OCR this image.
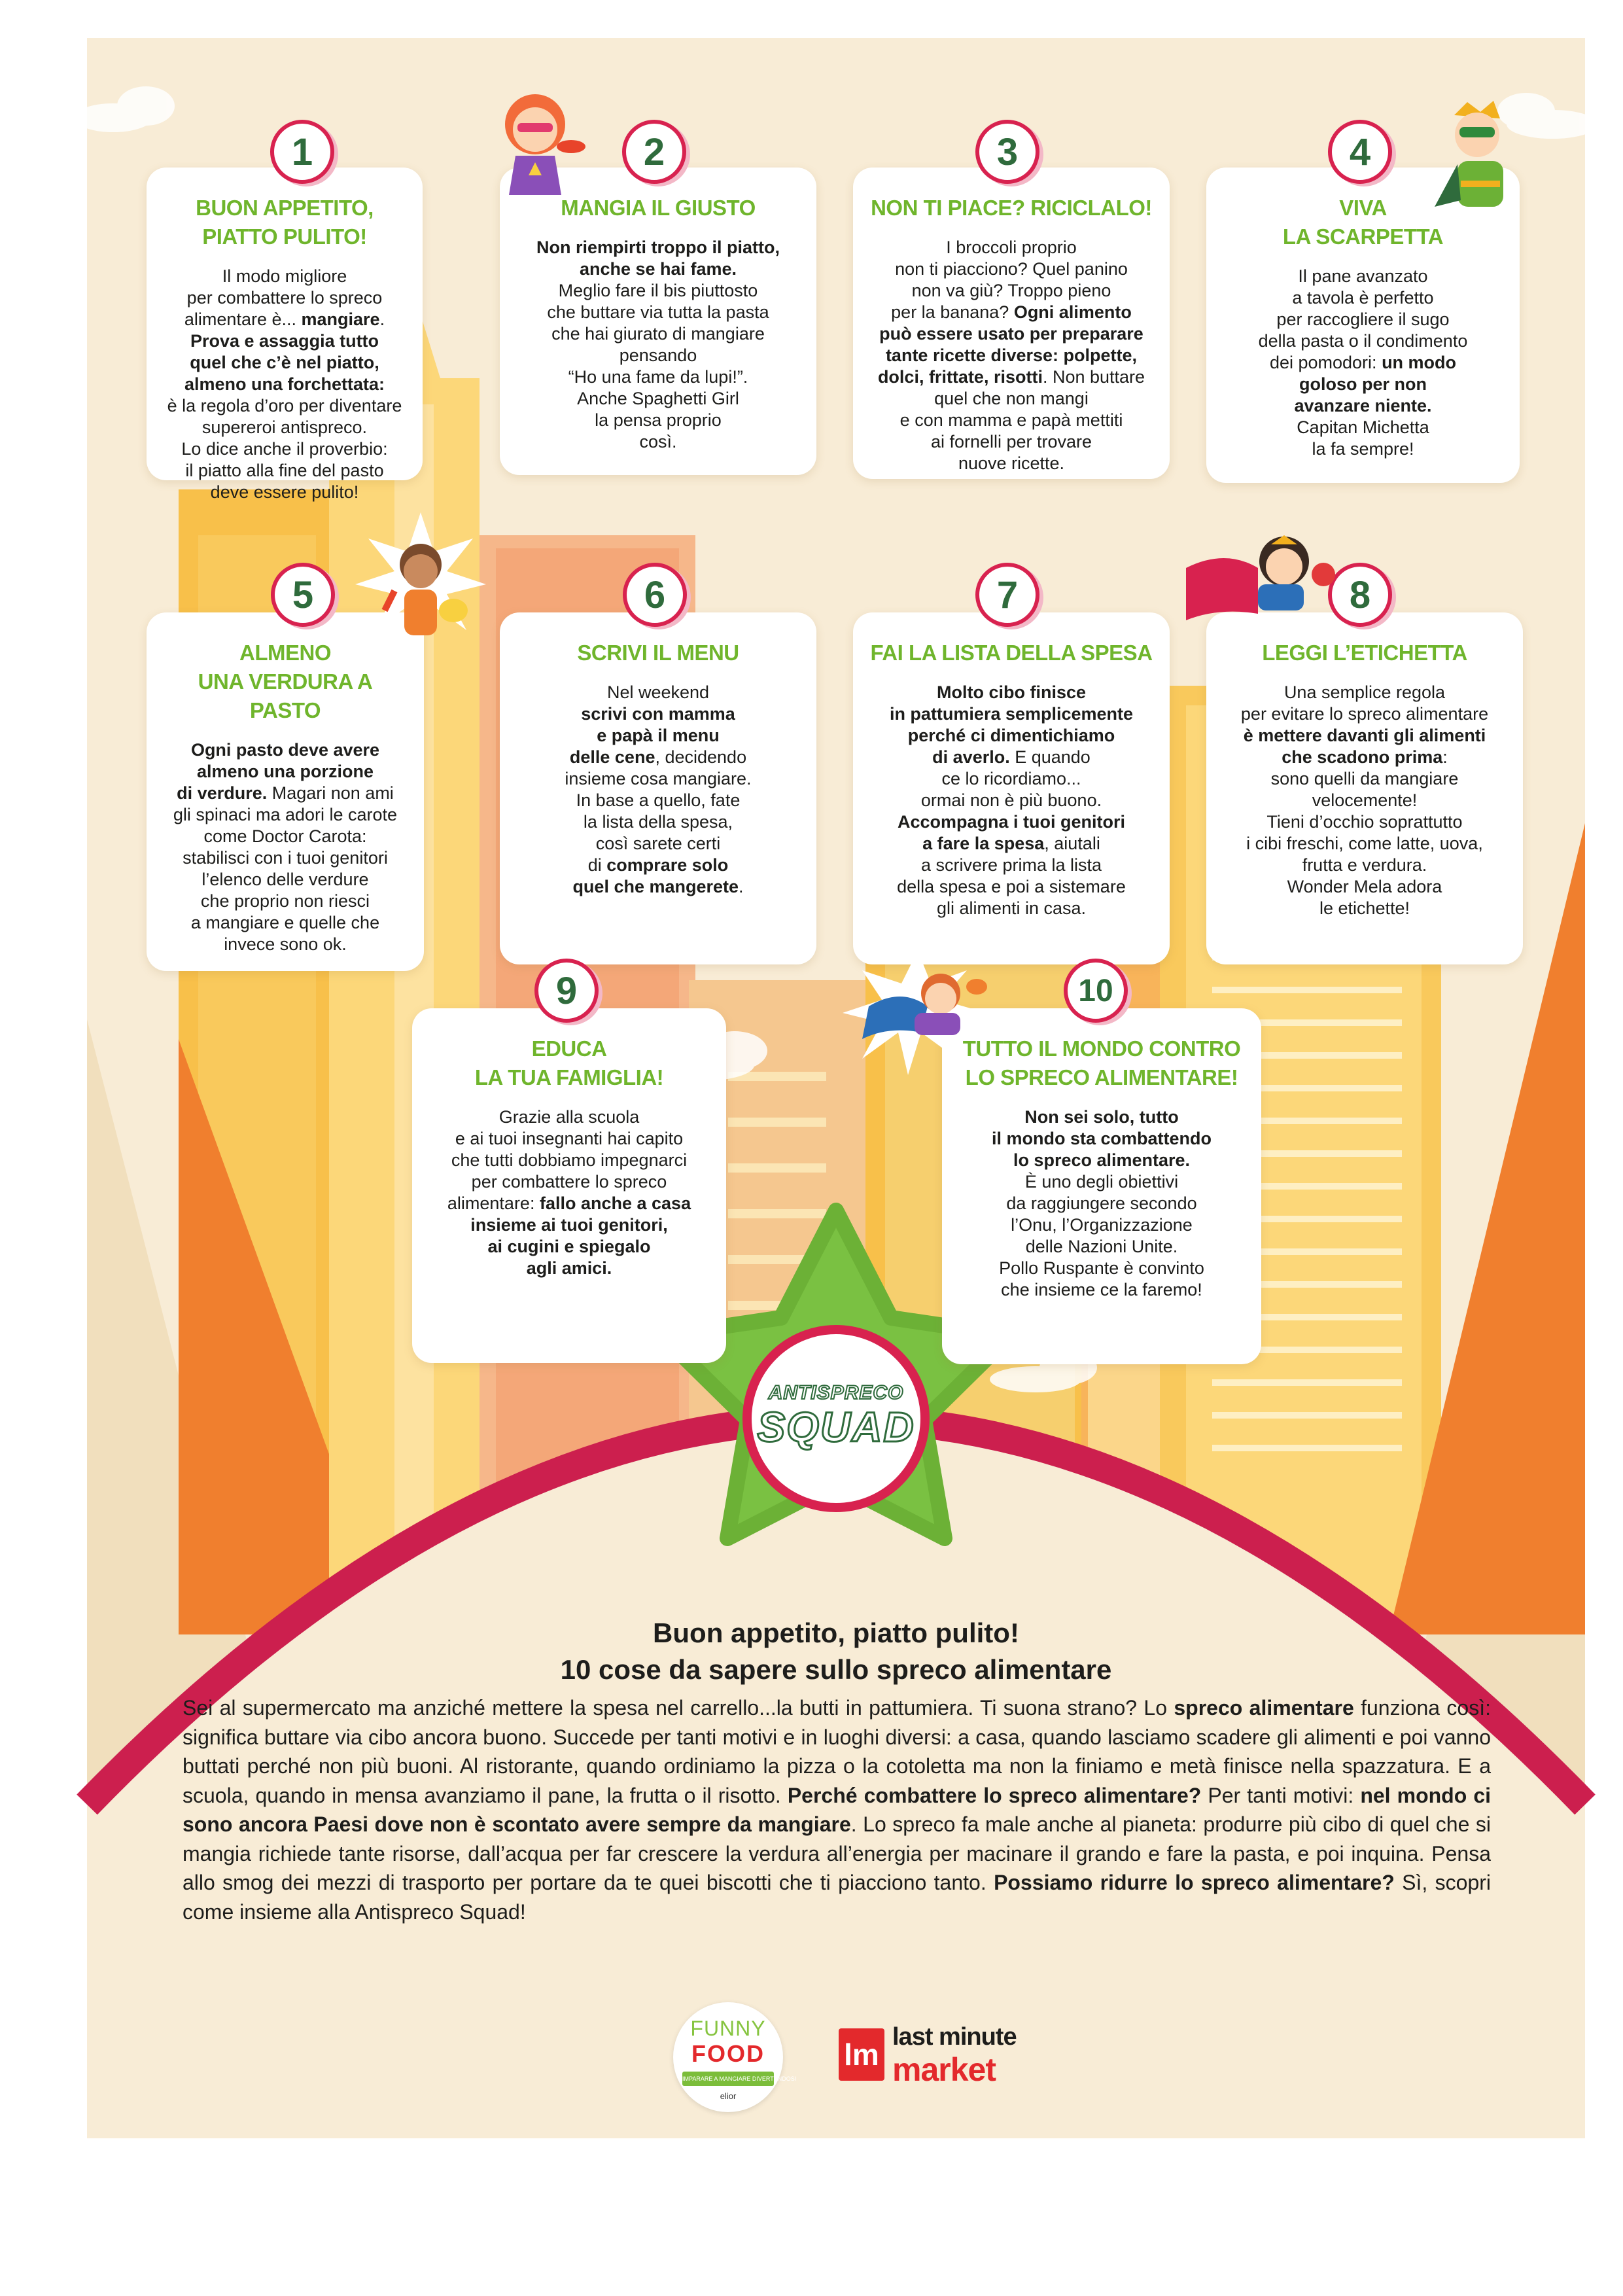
ANTISPRECO
SQUAD
BUON APPETITO, PIATTO PULITO!

Il modo migliore

per combattere lo spreco

alimentare è... mangiare.

Prova e assaggia tutto

quel che c’è nel piatto,

almeno una forchettata:

è la regola d’oro per diventare

supereroi antispreco.

Lo dice anche il proverbio:

il piatto alla fine del pasto

deve essere pulito!

MANGIA IL GIUSTO

Non riempirti troppo il piatto,

anche se hai fame.

Meglio fare il bis piuttosto

che buttare via tutta la pasta

che hai giurato di mangiare

pensando

“Ho una fame da lupi!”.

Anche Spaghetti Girl

la pensa proprio

così.

NON TI PIACE? RICICLALO!

I broccoli proprio

non ti piacciono? Quel panino

non va giù? Troppo pieno

per la banana? Ogni alimento

può essere usato per preparare

tante ricette diverse: polpette,

dolci, frittate, risotti. Non buttare

quel che non mangi

e con mamma e papà mettiti

ai fornelli per trovare

nuove ricette.

VIVA
LA SCARPETTA

Il pane avanzato

a tavola è perfetto

per raccogliere il sugo

della pasta o il condimento

dei pomodori: un modo

goloso per non

avanzare niente.

Capitan Michetta

la fa sempre!

ALMENO
UNA VERDURA A PASTO

Ogni pasto deve avere

almeno una porzione

di verdure. Magari non ami

gli spinaci ma adori le carote

come Doctor Carota:

stabilisci con i tuoi genitori

l’elenco delle verdure

che proprio non riesci

a mangiare e quelle che

invece sono ok.

SCRIVI IL MENU

Nel weekend

scrivi con mamma

e papà il menu

delle cene, decidendo

insieme cosa mangiare.

In base a quello, fate

la lista della spesa,

così sarete certi

di comprare solo

quel che mangerete.

FAI LA LISTA DELLA SPESA

Molto cibo finisce

in pattumiera semplicemente

perché ci dimentichiamo

di averlo. E quando

ce lo ricordiamo...

ormai non è più buono.

Accompagna i tuoi genitori

a fare la spesa, aiutali

a scrivere prima la lista

della spesa e poi a sistemare

gli alimenti in casa.

LEGGI L’ETICHETTA

Una semplice regola

per evitare lo spreco alimentare

è mettere davanti gli alimenti

che scadono prima:

sono quelli da mangiare

velocemente!

Tieni d’occhio soprattutto

i cibi freschi, come latte, uova,

frutta e verdura.

Wonder Mela adora

le etichette!

EDUCA
LA TUA FAMIGLIA!

Grazie alla scuola

e ai tuoi insegnanti hai capito

che tutti dobbiamo impegnarci

per combattere lo spreco

alimentare: fallo anche a casa

insieme ai tuoi genitori,

ai cugini e spiegalo

agli amici.

TUTTO IL MONDO CONTRO
LO SPRECO ALIMENTARE!

Non sei solo, tutto

il mondo sta combattendo

lo spreco alimentare.

È uno degli obiettivi

da raggiungere secondo

l’Onu, l’Organizzazione

delle Nazioni Unite.

Pollo Ruspante è convinto

che insieme ce la faremo!

1	2	3	4
5	6	7	8
9	10
Buon appetito, piatto pulito!
10 cose da sapere sullo spreco alimentare
Sei al supermercato ma anziché mettere la spesa nel carrello...la butti in pattumiera. Ti suona strano? Lo spreco alimentare funziona così: significa buttare via cibo ancora buono. Succede per tanti motivi e in luoghi diversi: a casa, quando lasciamo scadere gli alimenti e poi vanno buttati perché non più buoni. Al ristorante, quando ordiniamo la pizza o la cotoletta ma non la finiamo e metà finisce nella spazzatura. E a scuola, quando in mensa avanziamo il pane, la frutta o il risotto. Perché combattere lo spreco alimentare? Per tanti motivi: nel mondo ci sono ancora Paesi dove non è scontato avere sempre da mangiare. Lo spreco fa male anche al pianeta: produrre più cibo di quel che si mangia richiede tante risorse, dall’acqua per far crescere la verdura all’energia per macinare il grando e fare la pasta, e poi inquina. Pensa allo smog dei mezzi di trasporto per portare da te quei biscotti che ti piacciono tanto. Possiamo ridurre lo spreco alimentare? Sì, scopri come insieme alla Antispreco Squad!
FUNNY
FOOD
IMPARARE A MANGIARE DIVERTENDOSI
elior
lm
last minute
market
